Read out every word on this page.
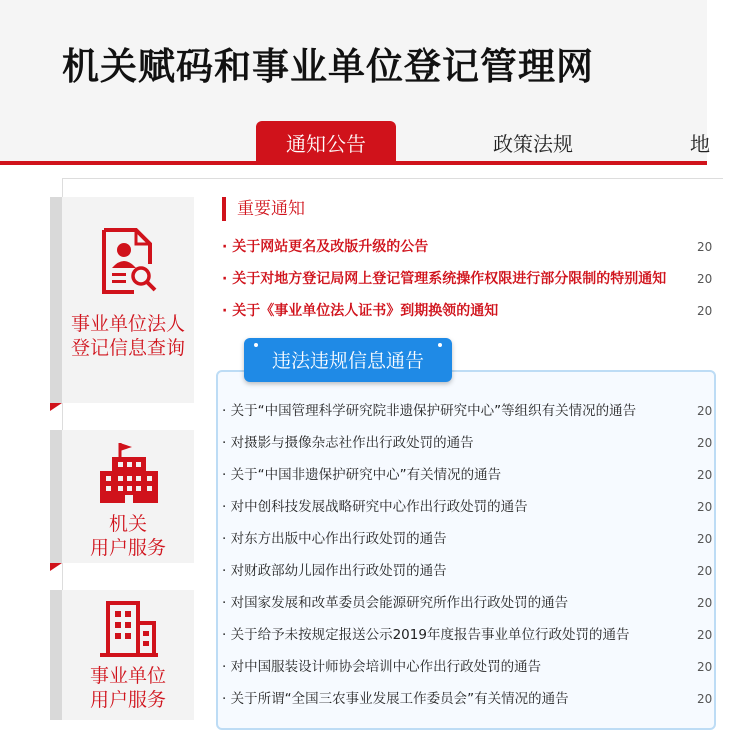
机关赋码和事业单位登记管理网
通知公告	政策法规	地
事业单位法人
登记信息查询
机关
用户服务
事业单位
用户服务
重要通知
· 关于网站更名及改版升级的公告	20
· 关于对地方登记局网上登记管理系统操作权限进行部分限制的特别通知	20
· 关于《事业单位法人证书》到期换领的通知	20
违法违规信息通告
· 关于“中国管理科学研究院非遗保护研究中心”等组织有关情况的通告	20
· 对摄影与摄像杂志社作出行政处罚的通告	20
· 关于“中国非遗保护研究中心”有关情况的通告	20
· 对中创科技发展战略研究中心作出行政处罚的通告	20
· 对东方出版中心作出行政处罚的通告	20
· 对财政部幼儿园作出行政处罚的通告	20
· 对国家发展和改革委员会能源研究所作出行政处罚的通告	20
· 关于给予未按规定报送公示2019年度报告事业单位行政处罚的通告	20
· 对中国服装设计师协会培训中心作出行政处罚的通告	20
· 关于所谓“全国三农事业发展工作委员会”有关情况的通告	20
